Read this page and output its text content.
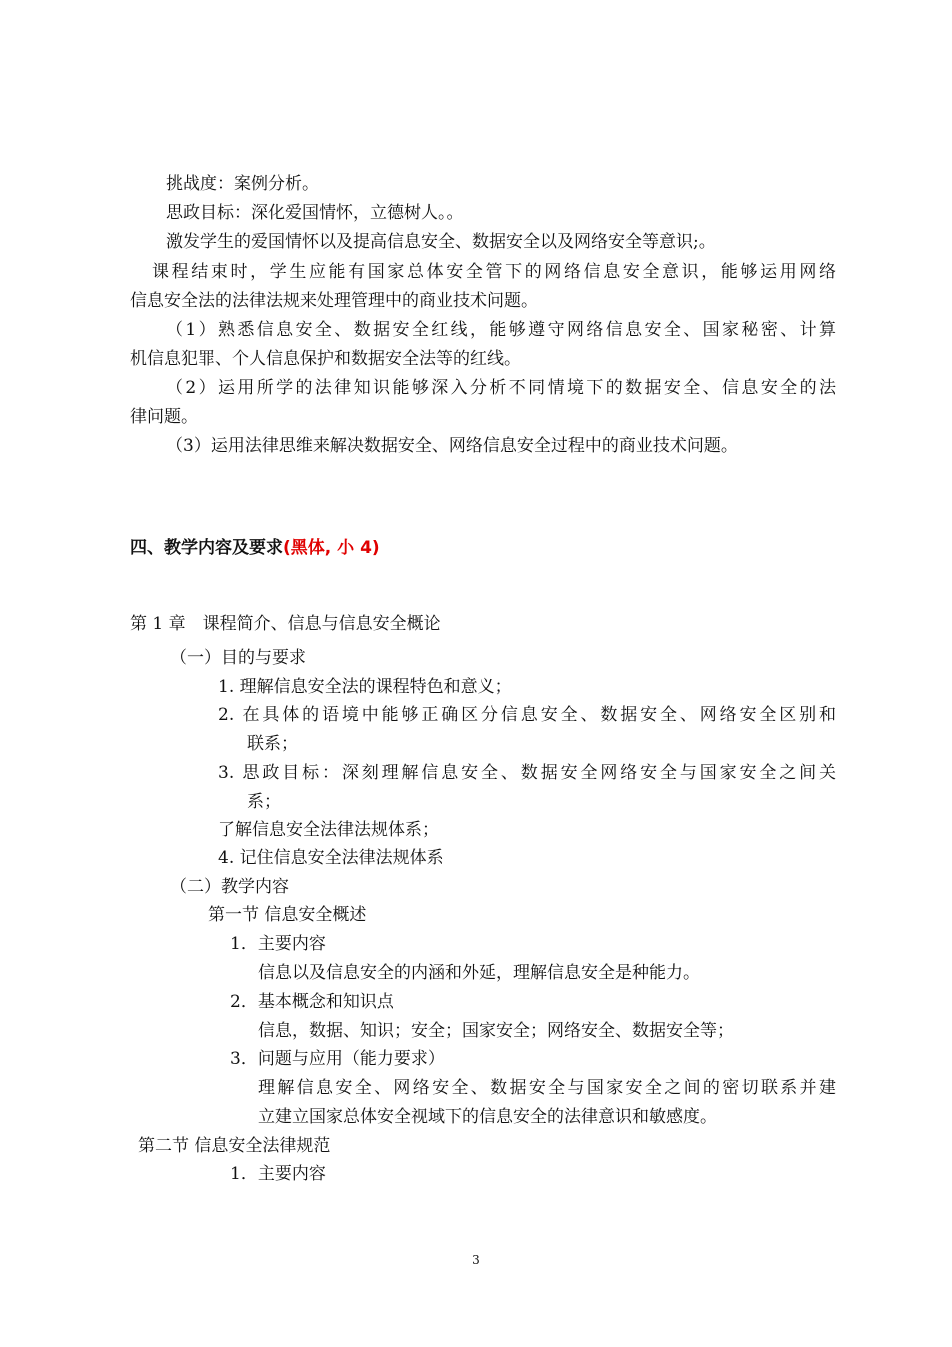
挑战度：案例分析。
思政目标：深化爱国情怀，立德树人。。
激发学生的爱国情怀以及提高信息安全、数据安全以及网络安全等意识;。
课程结束时，学生应能有国家总体安全管下的网络信息安全意识，能够运用网络
信息安全法的法律法规来处理管理中的商业技术问题。
（1）熟悉信息安全、数据安全红线，能够遵守网络信息安全、国家秘密、计算
机信息犯罪、个人信息保护和数据安全法等的红线。
（2）运用所学的法律知识能够深入分析不同情境下的数据安全、信息安全的法
律问题。
（3）运用法律思维来解决数据安全、网络信息安全过程中的商业技术问题。
四、教学内容及要求(黑体, 小 4)
第 1 章　课程简介、信息与信息安全概论
（一）目的与要求
1. 理解信息安全法的课程特色和意义；
2. 在具体的语境中能够正确区分信息安全、数据安全、网络安全区别和
联系；
3. 思政目标：深刻理解信息安全、数据安全网络安全与国家安全之间关
系；
了解信息安全法律法规体系；
4. 记住信息安全法律法规体系
（二）教学内容
第一节 信息安全概述
1．主要内容
信息以及信息安全的内涵和外延，理解信息安全是种能力。
2．基本概念和知识点
信息，数据、知识；安全；国家安全；网络安全、数据安全等；
3．问题与应用（能力要求）
理解信息安全、网络安全、数据安全与国家安全之间的密切联系并建
立建立国家总体安全视域下的信息安全的法律意识和敏感度。
第二节 信息安全法律规范
1．主要内容
3
